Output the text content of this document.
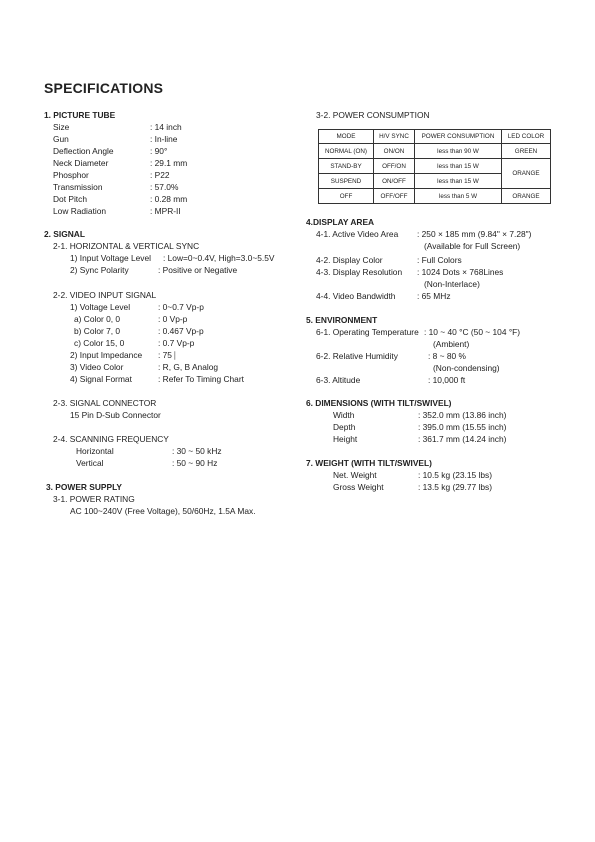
SPECIFICATIONS
1. PICTURE TUBE
Size	: 14 inch
Gun	: In-line
Deflection Angle	: 90°
Neck Diameter	: 29.1 mm
Phosphor	: P22
Transmission	: 57.0%
Dot Pitch	: 0.28 mm
Low Radiation	: MPR-II
2. SIGNAL
2-1. HORIZONTAL & VERTICAL SYNC
1) Input Voltage Level : Low=0~0.4V, High=3.0~5.5V
2) Sync Polarity	: Positive or Negative
2-2. VIDEO INPUT SIGNAL
1) Voltage Level	: 0~0.7 Vp-p
a) Color 0, 0	: 0 Vp-p
b) Color 7, 0	: 0.467 Vp-p
c) Color 15, 0	: 0.7 Vp-p
2) Input Impedance : 75 ⎸
3) Video Color	: R, G, B Analog
4) Signal Format	: Refer To Timing Chart
2-3. SIGNAL CONNECTOR
15 Pin D-Sub Connector
2-4. SCANNING FREQUENCY
Horizontal	: 30 ~ 50 kHz
Vertical	: 50 ~ 90 Hz
3. POWER SUPPLY
3-1. POWER RATING
AC 100~240V (Free Voltage), 50/60Hz, 1.5A Max.
3-2. POWER CONSUMPTION
MODE	H/V SYNC	POWER CONSUMPTION	LED COLOR
NORMAL (ON)	ON/ON	less than 90 W	GREEN
STAND-BY	OFF/ON	less than 15 W	ORANGE
SUSPEND	ON/OFF	less than 15 W	
OFF	OFF/OFF	less than 5 W	ORANGE
4.DISPLAY AREA
4-1. Active Video Area : 250 × 185 mm (9.84" × 7.28")
(Available for Full Screen)
4-2. Display Color	: Full Colors
4-3. Display Resolution : 1024 Dots × 768Lines
(Non-Interlace)
4-4. Video Bandwidth	: 65 MHz
5. ENVIRONMENT
6-1. Operating Temperature : 10 ~ 40 °C (50 ~ 104 °F)
(Ambient)
6-2. Relative Humidity	: 8 ~ 80 %
(Non-condensing)
6-3. Altitude	: 10,000 ft
6. DIMENSIONS (WITH TILT/SWIVEL)
Width	: 352.0 mm (13.86 inch)
Depth	: 395.0 mm (15.55 inch)
Height	: 361.7 mm (14.24 inch)
7. WEIGHT (WITH TILT/SWIVEL)
Net. Weight	: 10.5 kg (23.15 lbs)
Gross Weight	: 13.5 kg (29.77 lbs)
